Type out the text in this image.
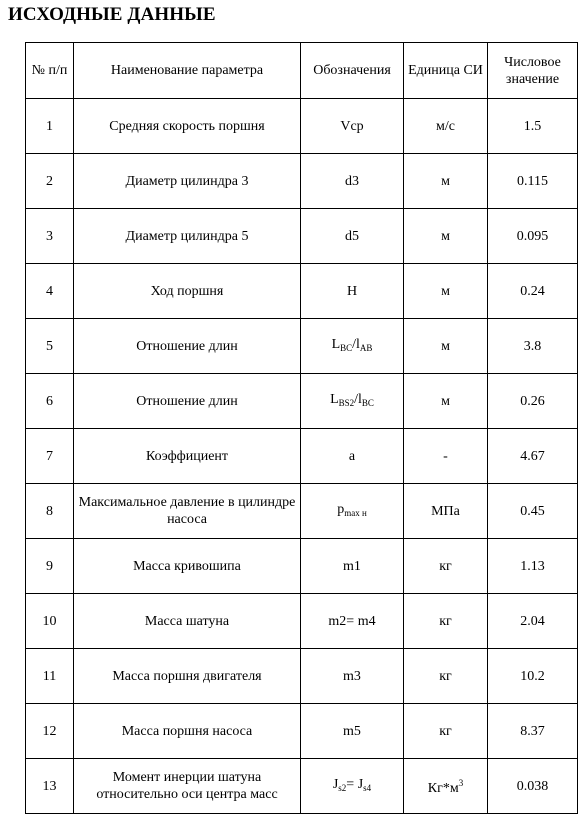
ИСХОДНЫЕ ДАННЫЕ
№ п/п	Наименование параметра	Обозначения	Единица СИ	Числовое значение
1	Средняя скорость поршня	Vcp	м/с	1.5
2	Диаметр цилиндра 3	d3	м	0.115
3	Диаметр цилиндра 5	d5	м	0.095
4	Ход поршня	H	м	0.24
5	Отношение длин	$L_{BC}/l_{AB}$	м	3.8
6	Отношение длин	$L_{BS2}/l_{BC}$	м	0.26
7	Коэффициент	a	-	4.67
8	Максимальное давление в цилиндре насоса	$p_{max н}$	МПа	0.45
9	Масса кривошипа	m1	кг	1.13
10	Масса шатуна	m2= m4	кг	2.04
11	Масса поршня двигателя	m3	кг	10.2
12	Масса поршня насоса	m5	кг	8.37
13	Момент инерции шатуна относительно оси центра масс	$J_{s2}= J_{s4}$	$Кг*м^3$	0.038
